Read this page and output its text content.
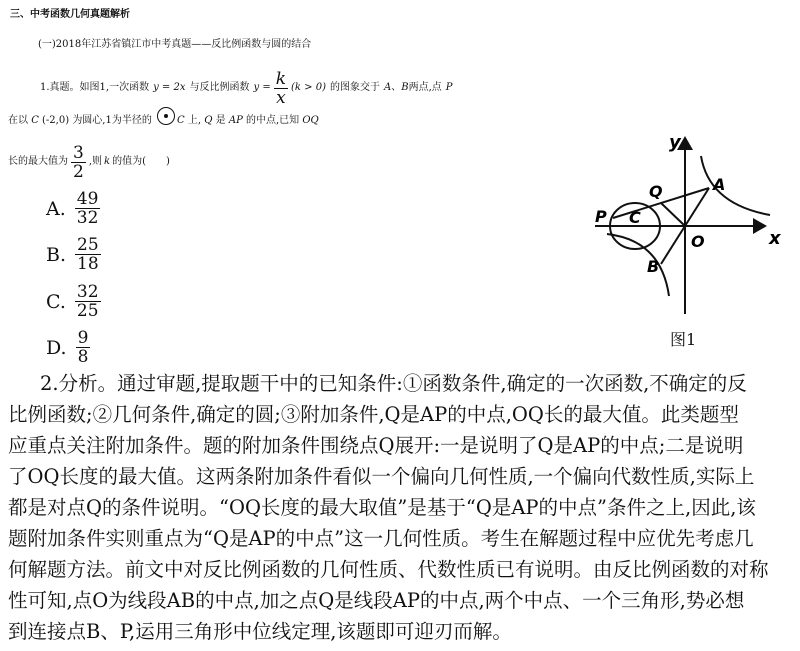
三、中考函数几何真题解析
(一)2018年江苏省镇江市中考真题——反比例函数与圆的结合
1.真题。 如图1,一次函数 y = 2x 与反比例函数 $y = \frac{k}{x} (k > 0)$ 的图象交于 A 、 B 两点,点 P
在以 C (-2,0) 为圆心,1为半径的	C 上, Q 是 AP 的中点,已知 OQ
长的最大值为 $\frac{3}{2}$ ,则 k 的值为(　　)
A. $\frac{49}{32}$
B. $\frac{25}{18}$
C. $\frac{32}{25}$
D. $\frac{9}{8}$
y
x
A
B
C
P
Q
O
图1
2.分析。通过审题,提取题干中的已知条件:①函数条件,确定的一次函数,不确定的反
比例函数;②几何条件,确定的圆;③附加条件,Q是AP的中点,OQ长的最大值。此类题型
应重点关注附加条件。题的附加条件围绕点Q展开:一是说明了Q是AP的中点;二是说明
了OQ长度的最大值。这两条附加条件看似一个偏向几何性质,一个偏向代数性质,实际上
都是对点Q的条件说明。“OQ长度的最大取值”是基于“Q是AP的中点”条件之上,因此,该
题附加条件实则重点为“Q是AP的中点”这一几何性质。考生在解题过程中应优先考虑几
何解题方法。前文中对反比例函数的几何性质、代数性质已有说明。由反比例函数的对称
性可知,点O为线段AB的中点,加之点Q是线段AP的中点,两个中点、一个三角形,势必想
到连接点B、P,运用三角形中位线定理,该题即可迎刃而解。
